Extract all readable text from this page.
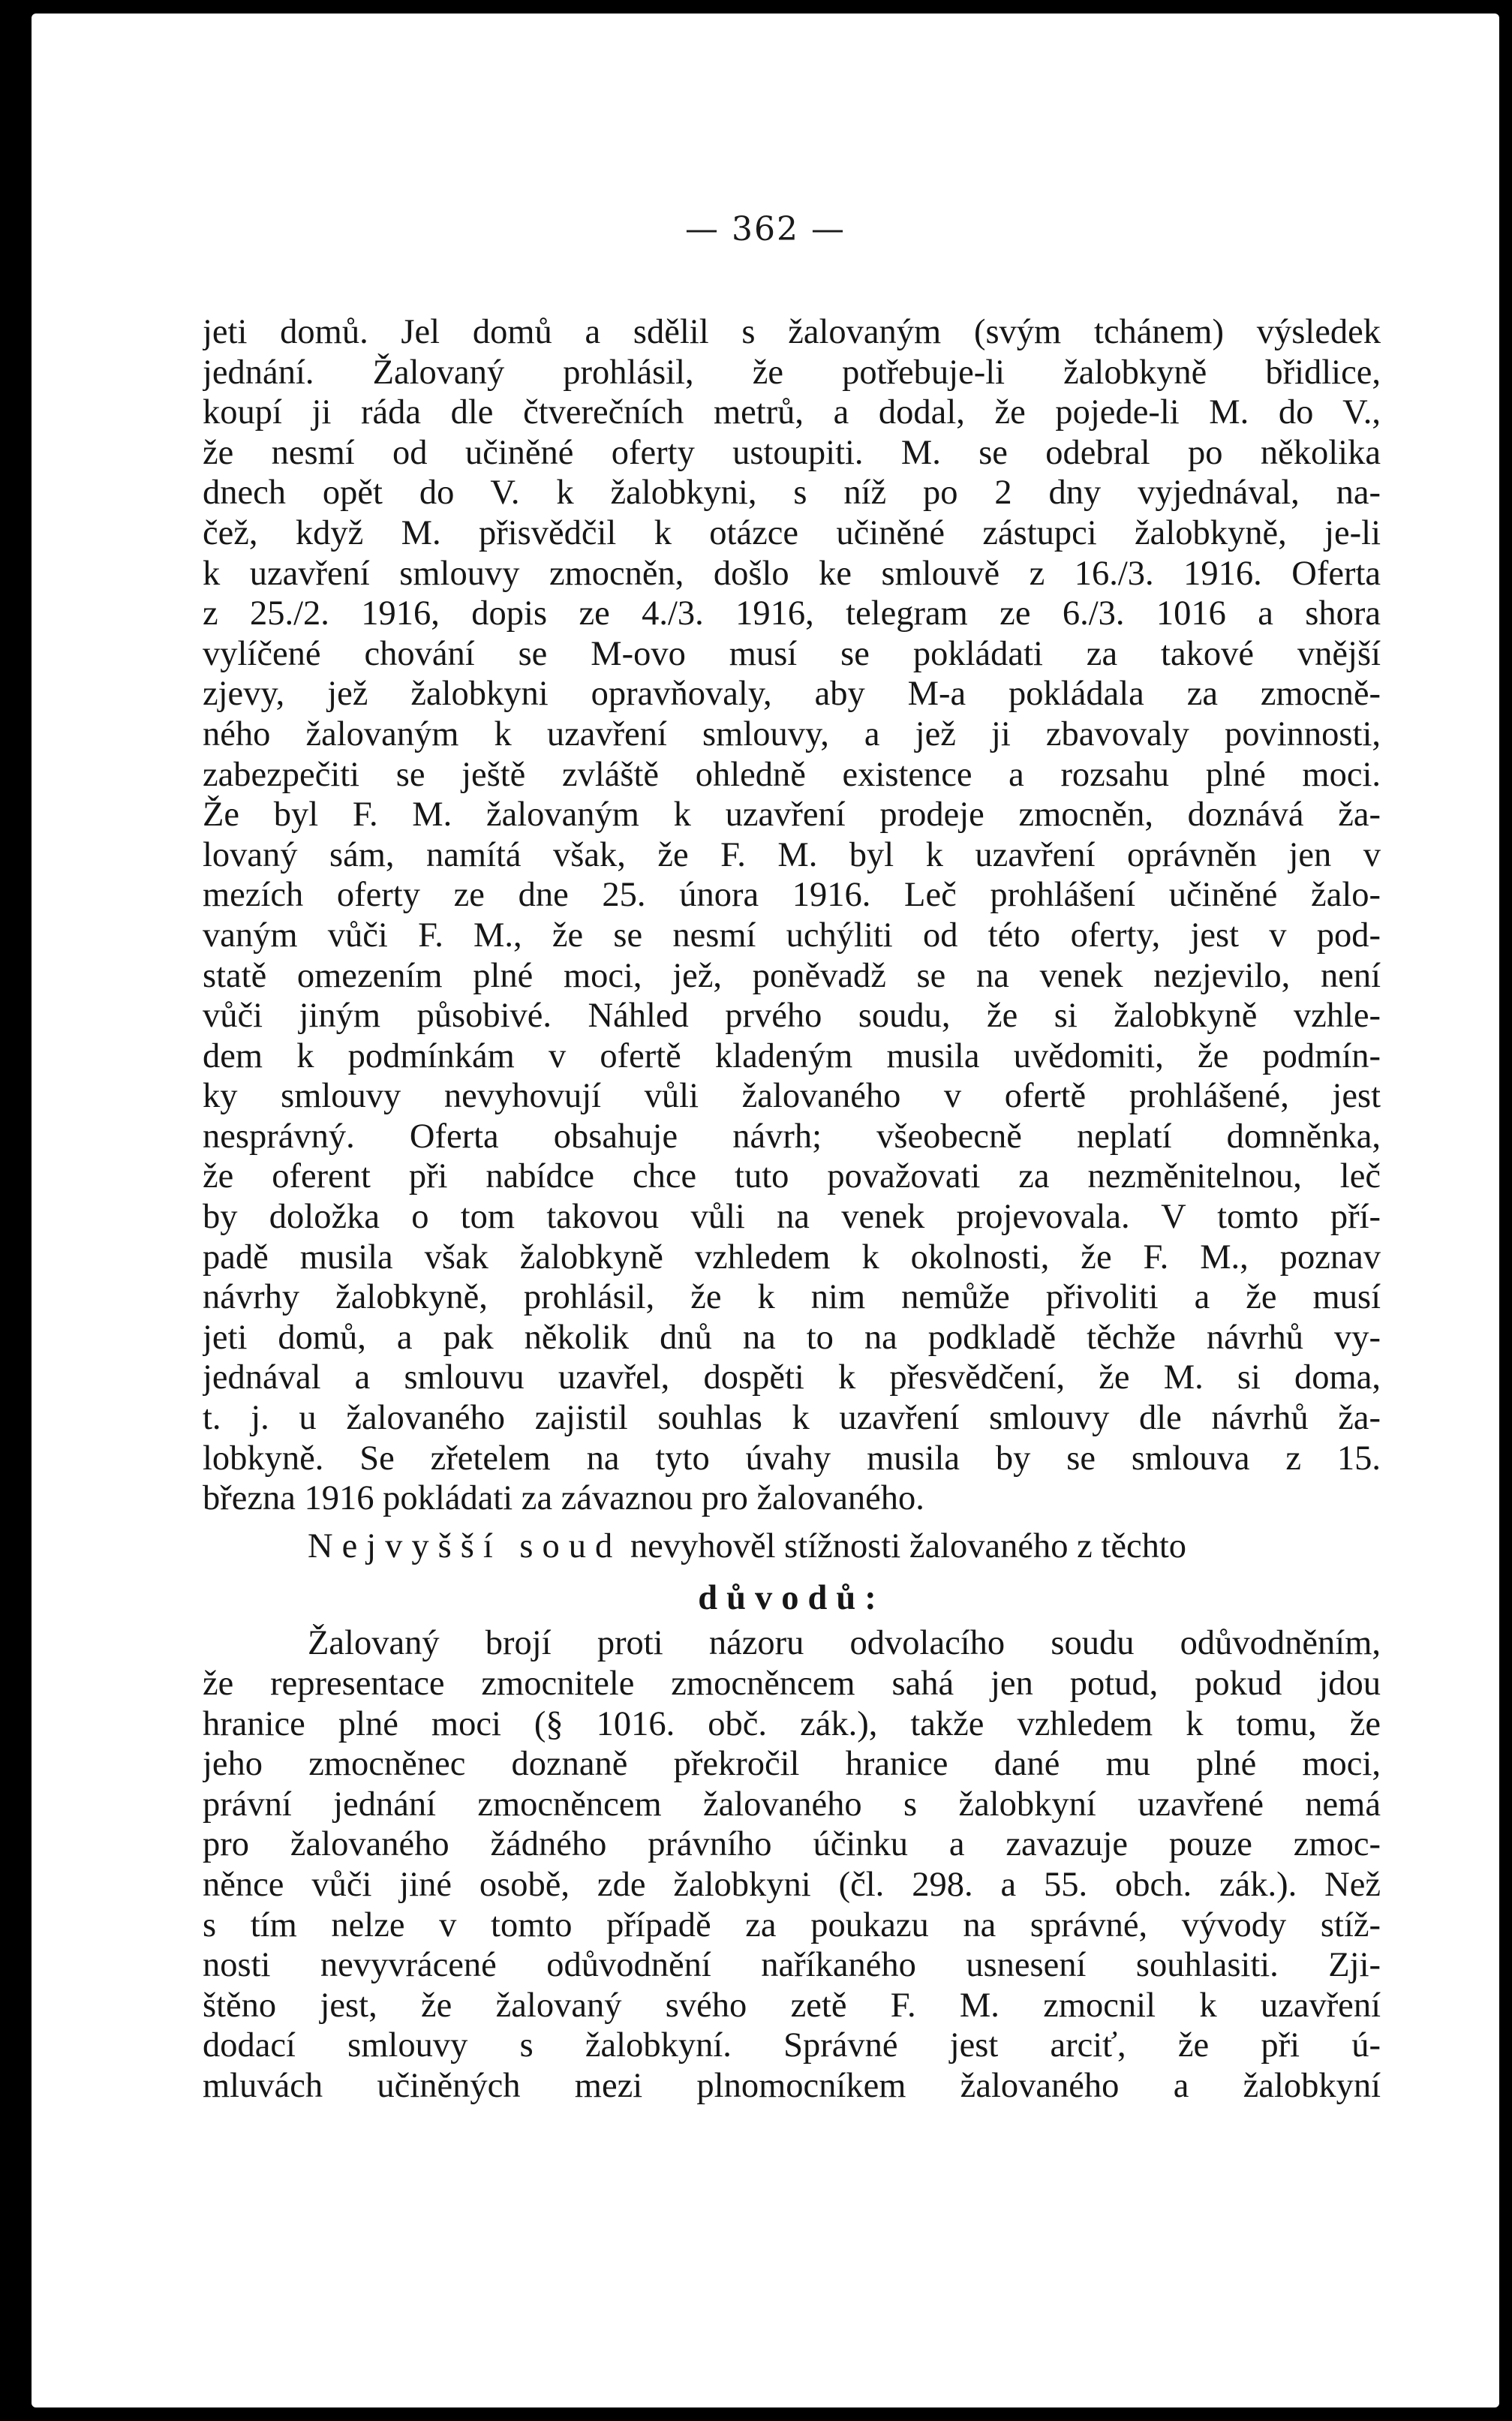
— 362 —
jeti domů. Jel domů a sdělil s žalovaným (svým tchánem) výsledek
jednání. Žalovaný prohlásil, že potřebuje-li žalobkyně břidlice,
koupí ji ráda dle čtverečních metrů, a dodal, že pojede-li M. do V.,
že nesmí od učiněné oferty ustoupiti. M. se odebral po několika
dnech opět do V. k žalobkyni, s níž po 2 dny vyjednával, na-
čež, když M. přisvědčil k otázce učiněné zástupci žalobkyně, je-li
k uzavření smlouvy zmocněn, došlo ke smlouvě z 16./3. 1916. Oferta
z 25./2. 1916, dopis ze 4./3. 1916, telegram ze 6./3. 1016 a shora
vylíčené chování se M-ovo musí se pokládati za takové vnější
zjevy, jež žalobkyni opravňovaly, aby M-a pokládala za zmocně-
ného žalovaným k uzavření smlouvy, a jež ji zbavovaly povinnosti,
zabezpečiti se ještě zvláště ohledně existence a rozsahu plné moci.
Že byl F. M. žalovaným k uzavření prodeje zmocněn, doznává ža-
lovaný sám, namítá však, že F. M. byl k uzavření oprávněn jen v
mezích oferty ze dne 25. února 1916. Leč prohlášení učiněné žalo-
vaným vůči F. M., že se nesmí uchýliti od této oferty, jest v pod-
statě omezením plné moci, jež, poněvadž se na venek nezjevilo, není
vůči jiným působivé. Náhled prvého soudu, že si žalobkyně vzhle-
dem k podmínkám v ofertě kladeným musila uvědomiti, že podmín-
ky smlouvy nevyhovují vůli žalovaného v ofertě prohlášené, jest
nesprávný. Oferta obsahuje návrh; všeobecně neplatí domněnka,
že oferent při nabídce chce tuto považovati za nezměnitelnou, leč
by doložka o tom takovou vůli na venek projevovala. V tomto pří-
padě musila však žalobkyně vzhledem k okolnosti, že F. M., poznav
návrhy žalobkyně, prohlásil, že k nim nemůže přivoliti a že musí
jeti domů, a pak několik dnů na to na podkladě těchže návrhů vy-
jednával a smlouvu uzavřel, dospěti k přesvědčení, že M. si doma,
t. j. u žalovaného zajistil souhlas k uzavření smlouvy dle návrhů ža-
lobkyně. Se zřetelem na tyto úvahy musila by se smlouva z 15.
března 1916 pokládati za závaznou pro žalovaného.
Nejvyšší soud nevyhověl stížnosti žalovaného z těchto
důvodů:
Žalovaný brojí proti názoru odvolacího soudu odůvodněním,
že representace zmocnitele zmocněncem sahá jen potud, pokud jdou
hranice plné moci (§ 1016. obč. zák.), takže vzhledem k tomu, že
jeho zmocněnec doznaně překročil hranice dané mu plné moci,
právní jednání zmocněncem žalovaného s žalobkyní uzavřené nemá
pro žalovaného žádného právního účinku a zavazuje pouze zmoc-
něnce vůči jiné osobě, zde žalobkyni (čl. 298. a 55. obch. zák.). Než
s tím nelze v tomto případě za poukazu na správné, vývody stíž-
nosti nevyvrácené odůvodnění naříkaného usnesení souhlasiti. Zji-
štěno jest, že žalovaný svého zetě F. M. zmocnil k uzavření
dodací smlouvy s žalobkyní. Správné jest arciť, že při ú-
mluvách učiněných mezi plnomocníkem žalovaného a žalobkyní
